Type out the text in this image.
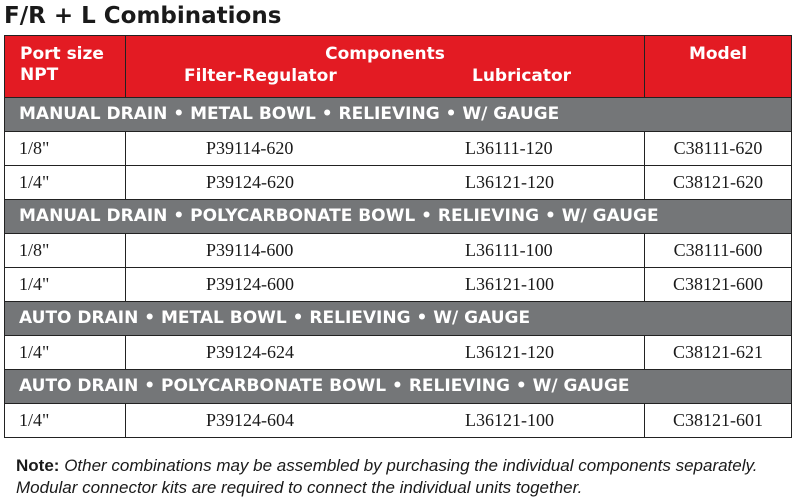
F/R + L Combinations
Port size
NPT
Components
Filter-Regulator	Lubricator
Model
MANUAL DRAIN • METAL BOWL • RELIEVING • W/ GAUGE
1/8"	P39114-620	L36111-120	C38111-620
1/4"	P39124-620	L36121-120	C38121-620
MANUAL DRAIN • POLYCARBONATE BOWL • RELIEVING • W/ GAUGE
1/8"	P39114-600	L36111-100	C38111-600
1/4"	P39124-600	L36121-100	C38121-600
AUTO DRAIN • METAL BOWL • RELIEVING • W/ GAUGE
1/4"	P39124-624	L36121-120	C38121-621
AUTO DRAIN • POLYCARBONATE BOWL • RELIEVING • W/ GAUGE
1/4"	P39124-604	L36121-100	C38121-601
Note: Other combinations may be assembled by purchasing the individual components separately. Modular connector kits are required to connect the individual units together.
